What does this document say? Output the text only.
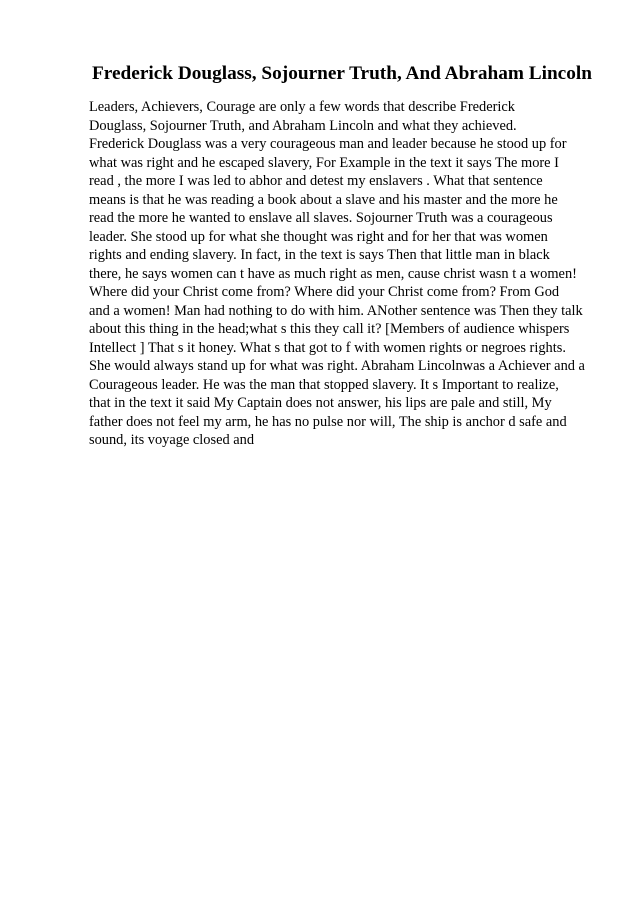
Frederick Douglass, Sojourner Truth, And Abraham Lincoln
Leaders, Achievers, Courage are only a few words that describe Frederick
Douglass, Sojourner Truth, and Abraham Lincoln and what they achieved.
Frederick Douglass was a very courageous man and leader because he stood up for
what was right and he escaped slavery, For Example in the text it says The more I
read , the more I was led to abhor and detest my enslavers . What that sentence
means is that he was reading a book about a slave and his master and the more he
read the more he wanted to enslave all slaves. Sojourner Truth was a courageous
leader. She stood up for what she thought was right and for her that was women
rights and ending slavery. In fact, in the text is says Then that little man in black
there, he says women can t have as much right as men, cause christ wasn t a women!
Where did your Christ come from? Where did your Christ come from? From God
and a women! Man had nothing to do with him. ANother sentence was Then they talk
about this thing in the head;what s this they call it? [Members of audience whispers
Intellect ] That s it honey. What s that got to f with women rights or negroes rights.
She would always stand up for what was right. Abraham Lincolnwas a Achiever and a
Courageous leader. He was the man that stopped slavery. It s Important to realize,
that in the text it said My Captain does not answer, his lips are pale and still, My
father does not feel my arm, he has no pulse nor will, The ship is anchor d safe and
sound, its voyage closed and
